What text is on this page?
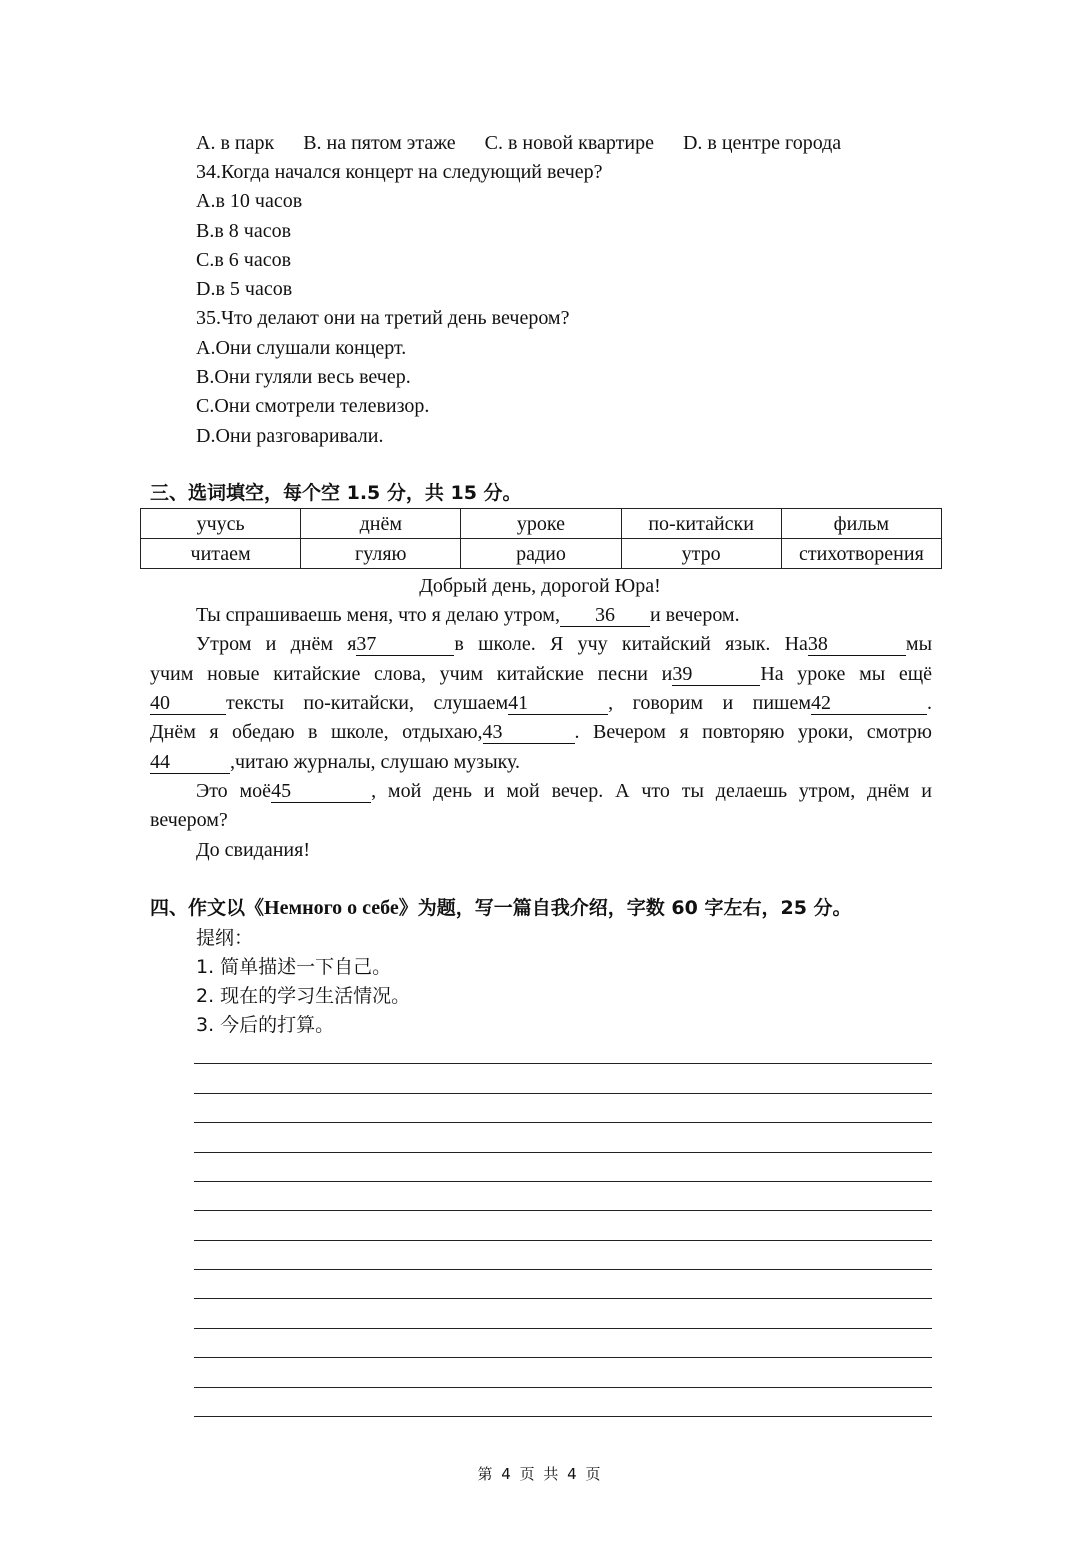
A. в парк B. на пятом этаже C. в новой квартире D. в центре города
34.Когда начался концерт на следующий вечер?
A.в 10 часов
B.в 8 часов
C.в 6 часов
D.в 5 часов
35.Что делают они на третий день вечером?
A.Они слушали концерт.
B.Они гуляли весь вечер.
C.Они смотрели телевизор.
D.Они разговаривали.
三、选词填空，每个空 1.5 分，共 15 分。
учусь	днём	уроке	по-китайски	фильм
читаем	гуляю	радио	утро	стихотворения
Добрый день, дорогой Юра!
Ты спрашиваешь меня, что я делаю утром, 36 и вечером.
Утром и днём я37	в школе. Я учу китайский язык. На38	мы
учим новые китайские слова, учим китайские песни и39	На уроке мы ещё
40	тексты по-китайски, слушаем41	, говорим и пишем42	.
Днём я обедаю в школе, отдыхаю,43	. Вечером я повторяю уроки, смотрю
44	,читаю журналы, слушаю музыку.
Это моё45	, мой день и мой вечер. А что ты делаешь утром, днём и
вечером?
До свидания!
四、作文以《Немного о себе》为题，写一篇自我介绍，字数 60 字左右，25 分。
提纲：
1. 简单描述一下自己。
2. 现在的学习生活情况。
3. 今后的打算。
第 4 页 共 4 页
